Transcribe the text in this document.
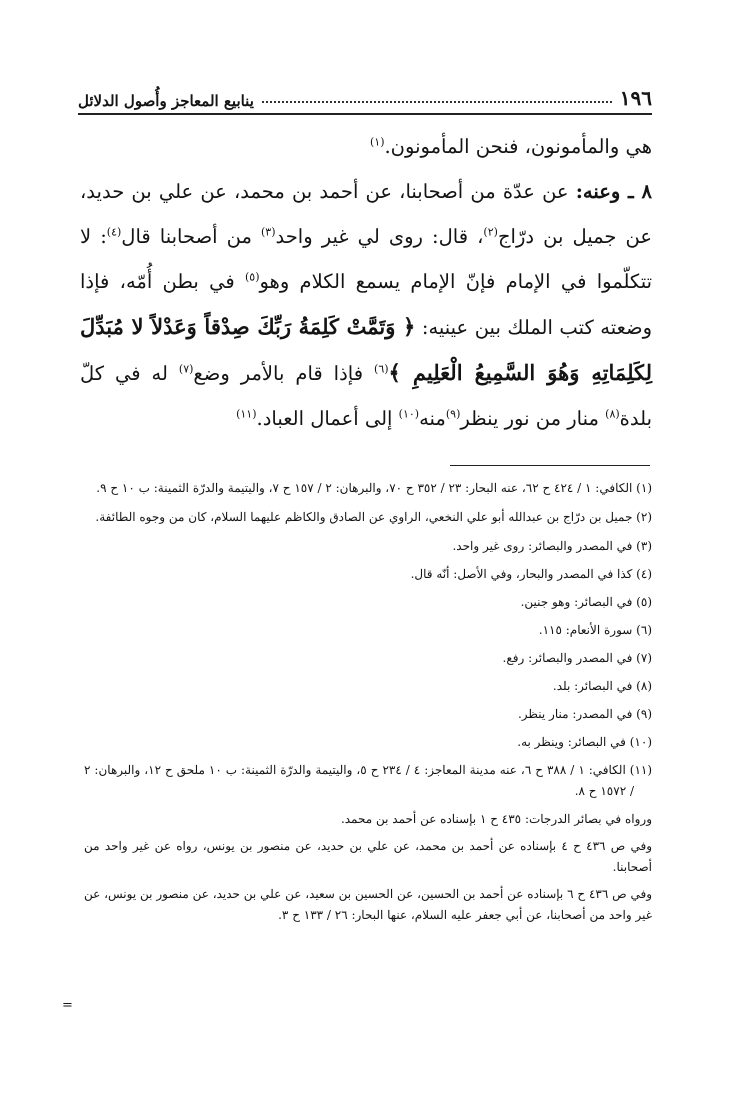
١٩٦
ينابيع المعاجز وأُصول الدلائل

هي والمأمونون، فنحن المأمونون.$^{(١)}$

٨ ـ وعنه: عن عدّة من أصحابنا، عن أحمد بن محمد، عن علي بن حديد، عن جميل بن درّاج$^{(٢)}$، قال: روى لي غير واحد$^{(٣)}$ من أصحابنا قال$^{(٤)}$: لا تتكلّموا في الإمام فإنّ الإمام يسمع الكلام وهو$^{(٥)}$ في بطن أُمّه، فإذا وضعته كتب الملك بين عينيه: ﴿ وَتَمَّتْ كَلِمَةُ رَبِّكَ صِدْقاً وَعَدْلاً لا مُبَدِّلَ لِكَلِمَاتِهِ وَهُوَ السَّمِيعُ الْعَلِيمِ ﴾$^{(٦)}$ فإذا قام بالأمر وضع$^{(٧)}$ له في كلّ بلدة$^{(٨)}$ منار من نور ينظر$^{(٩)}$منه$^{(١٠)}$ إلى أعمال العباد.$^{(١١)}$

(١) الكافي: ١ / ٤٢٤ ح ٦٢، عنه البحار: ٢٣ / ٣٥٢ ح ٧٠، والبرهان: ٢ / ١٥٧ ح ٧، واليتيمة والدرّة الثمينة: ب ١٠ ح ٩.

(٢) جميل بن درّاج بن عبدالله أبو علي النخعي، الراوي عن الصادق والكاظم عليهما السلام، كان من وجوه الطائفة.

(٣) في المصدر والبصائر: روى غير واحد.

(٤) كذا في المصدر والبحار، وفي الأصل: أنّه قال.

(٥) في البصائر: وهو جنين.

(٦) سورة الأنعام: ١١٥.

(٧) في المصدر والبصائر: رفع.

(٨) في البصائر: بلد.

(٩) في المصدر: منار ينظر.

(١٠) في البصائر: وينظر به.

(١١) الكافي: ١ / ٣٨٨ ح ٦، عنه مدينة المعاجز: ٤ / ٢٣٤ ح ٥، واليتيمة والدرّة الثمينة: ب ١٠ ملحق ح ١٢، والبرهان: ٢ / ١٥٧٢ ح ٨.

ورواه في بصائر الدرجات: ٤٣٥ ح ١ بإسناده عن أحمد بن محمد.

وفي ص ٤٣٦ ح ٤ بإسناده عن أحمد بن محمد، عن علي بن حديد، عن منصور بن يونس، رواه عن غير واحد من أصحابنا.

وفي ص ٤٣٦ ح ٦ بإسناده عن أحمد بن الحسين، عن الحسين بن سعيد، عن علي بن حديد، عن منصور بن يونس، عن غير واحد من أصحابنا، عن أبي جعفر عليه السلام، عنها البحار: ٢٦ / ١٣٣ ح ٣.

=
